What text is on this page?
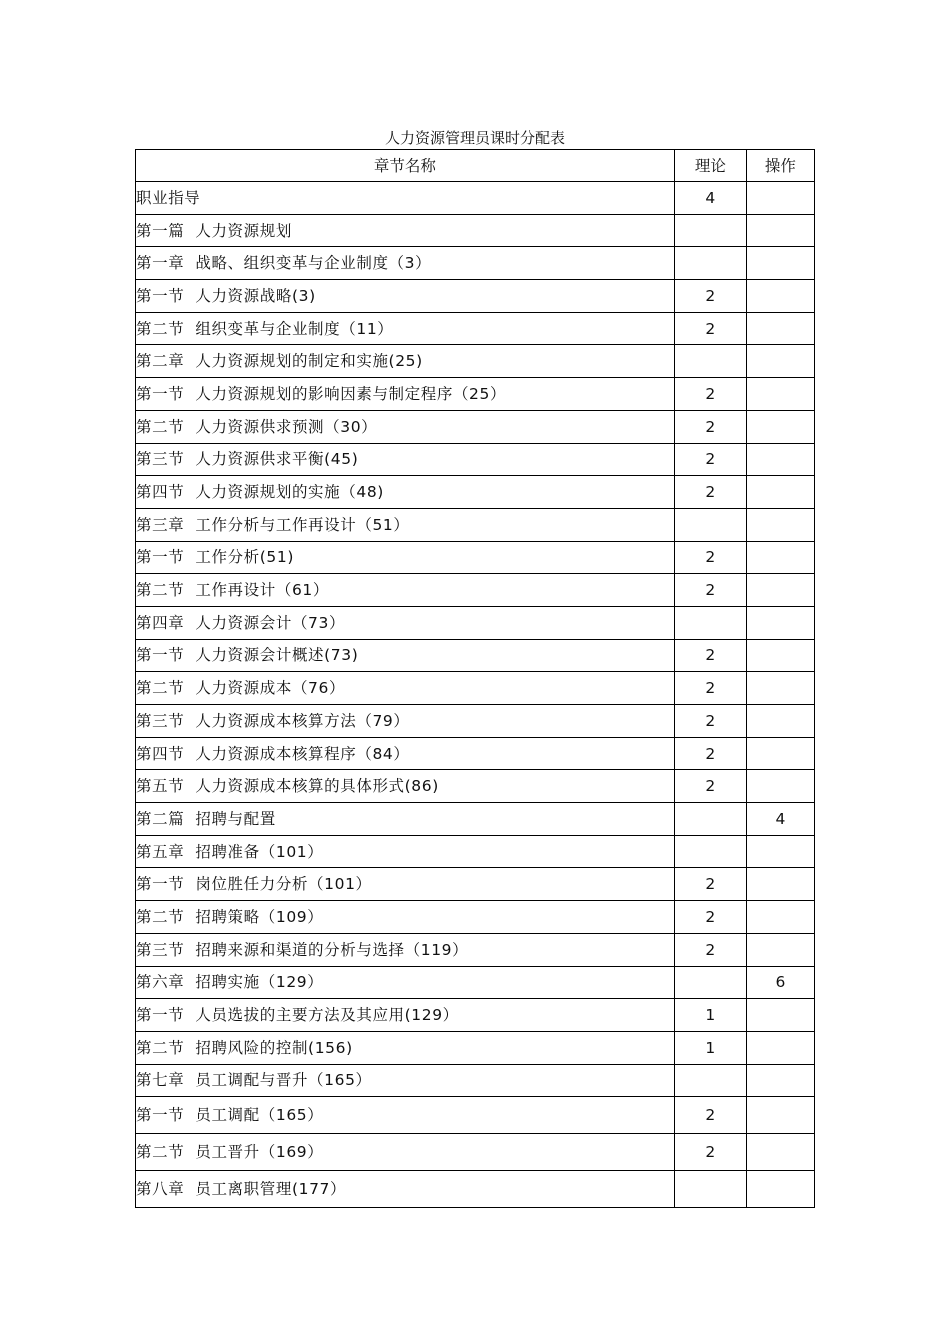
人力资源管理员课时分配表
章节名称	理论	操作
职业指导	4	
第一篇  人力资源规划		
第一章  战略、组织变革与企业制度（3）		
第一节  人力资源战略(3)	2	
第二节  组织变革与企业制度（11）	2	
第二章  人力资源规划的制定和实施(25)		
第一节  人力资源规划的影响因素与制定程序（25）	2	
第二节  人力资源供求预测（30）	2	
第三节  人力资源供求平衡(45)	2	
第四节  人力资源规划的实施（48)	2	
第三章  工作分析与工作再设计（51）		
第一节  工作分析(51)	2	
第二节  工作再设计（61）	2	
第四章  人力资源会计（73）		
第一节  人力资源会计概述(73)	2	
第二节  人力资源成本（76）	2	
第三节  人力资源成本核算方法（79）	2	
第四节  人力资源成本核算程序（84）	2	
第五节  人力资源成本核算的具体形式(86)	2	
第二篇  招聘与配置		4
第五章  招聘准备（101）		
第一节  岗位胜任力分析（101）	2	
第二节  招聘策略（109）	2	
第三节  招聘来源和渠道的分析与选择（119）	2	
第六章  招聘实施（129）		6
第一节  人员选拔的主要方法及其应用(129）	1	
第二节  招聘风险的控制(156)	1	
第七章  员工调配与晋升（165）		
第一节  员工调配（165）	2	
第二节  员工晋升（169）	2	
第八章  员工离职管理(177）		
